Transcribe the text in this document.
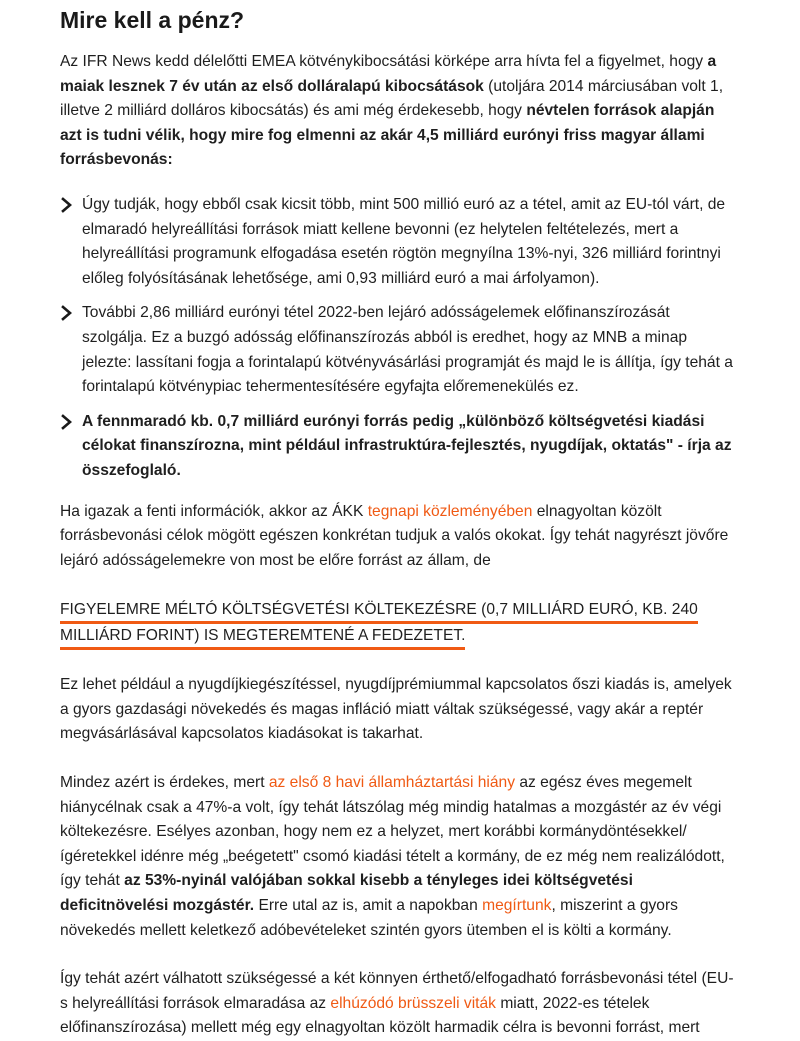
Mire kell a pénz?

Az IFR News kedd délelőtti EMEA kötvénykibocsátási körképe arra hívta fel a figyelmet, hogy a maiak lesznek 7 év után az első dolláralapú kibocsátások (utoljára 2014 márciusában volt 1, illetve 2 milliárd dolláros kibocsátás) és ami még érdekesebb, hogy névtelen források alapján azt is tudni vélik, hogy mire fog elmenni az akár 4,5 milliárd eurónyi friss magyar állami forrásbevonás:

Úgy tudják, hogy ebből csak kicsit több, mint 500 millió euró az a tétel, amit az EU-tól várt, de elmaradó helyreállítási források miatt kellene bevonni (ez helytelen feltételezés, mert a helyreállítási programunk elfogadása esetén rögtön megnyílna 13%-nyi, 326 milliárd forintnyi előleg folyósításának lehetősége, ami 0,93 milliárd euró a mai árfolyamon).
További 2,86 milliárd eurónyi tétel 2022-ben lejáró adósságelemek előfinanszírozását szolgálja. Ez a buzgó adósság előfinanszírozás abból is eredhet, hogy az MNB a minap jelezte: lassítani fogja a forintalapú kötvényvásárlási programját és majd le is állítja, így tehát a forintalapú kötvénypiac tehermentesítésére egyfajta előremenekülés ez.
A fennmaradó kb. 0,7 milliárd eurónyi forrás pedig „különböző költségvetési kiadási célokat finanszírozna, mint például infrastruktúra-fejlesztés, nyugdíjak, oktatás" - írja az összefoglaló.

Ha igazak a fenti információk, akkor az ÁKK tegnapi közleményében elnagyoltan közölt forrásbevonási célok mögött egészen konkrétan tudjuk a valós okokat. Így tehát nagyrészt jövőre lejáró adósságelemekre von most be előre forrást az állam, de

FIGYELEMRE MÉLTÓ KÖLTSÉGVETÉSI KÖLTEKEZÉSRE (0,7 MILLIÁRD EURÓ, KB. 240 MILLIÁRD FORINT) IS MEGTEREMTENÉ A FEDEZETET.

Ez lehet például a nyugdíjkiegészítéssel, nyugdíjprémiummal kapcsolatos őszi kiadás is, amelyek a gyors gazdasági növekedés és magas infláció miatt váltak szükségessé, vagy akár a reptér megvásárlásával kapcsolatos kiadásokat is takarhat.

Mindez azért is érdekes, mert az első 8 havi államháztartási hiány az egész éves megemelt hiánycélnak csak a 47%-a volt, így tehát látszólag még mindig hatalmas a mozgástér az év végi költekezésre. Esélyes azonban, hogy nem ez a helyzet, mert korábbi kormánydöntésekkel/ ígéretekkel idénre még „beégetett" csomó kiadási tételt a kormány, de ez még nem realizálódott, így tehát az 53%-nyinál valójában sokkal kisebb a tényleges idei költségvetési deficitnövelési mozgástér. Erre utal az is, amit a napokban megírtunk, miszerint a gyors növekedés mellett keletkező adóbevételeket szintén gyors ütemben el is költi a kormány.

Így tehát azért válhatott szükségessé a két könnyen érthető/elfogadható forrásbevonási tétel (EU-s helyreállítási források elmaradása az elhúzódó brüsszeli viták miatt, 2022-es tételek előfinanszírozása) mellett még egy elnagyoltan közölt harmadik célra is bevonni forrást, mert
